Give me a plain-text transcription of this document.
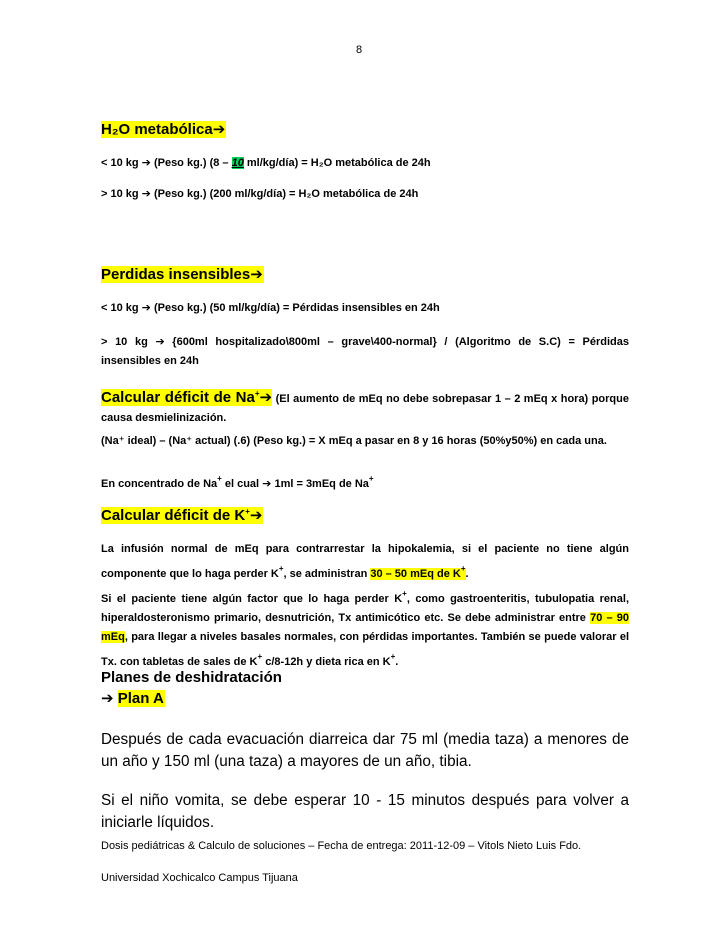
8
H₂O metabólica➔
< 10 kg ➔ (Peso kg.) (8 – 10 ml/kg/día) = H₂O metabólica de 24h
> 10 kg ➔ (Peso kg.) (200 ml/kg/día) = H₂O metabólica de 24h
Perdidas insensibles➔
< 10 kg ➔ (Peso kg.) (50 ml/kg/día) = Pérdidas insensibles en 24h
> 10 kg ➔ {600ml hospitalizado\800ml – grave\400-normal} / (Algoritmo de S.C) = Pérdidas insensibles en 24h
Calcular déficit de Na+➔ (El aumento de mEq no debe sobrepasar 1 – 2 mEq x hora) porque causa desmielinización.
(Na⁺ ideal) – (Na⁺ actual) (.6) (Peso kg.) = X mEq a pasar en 8 y 16 horas (50%y50%) en cada una.
En concentrado de Na+ el cual ➔ 1ml = 3mEq de Na+
Calcular déficit de K+➔
La infusión normal de mEq para contrarrestar la hipokalemia, si el paciente no tiene algún componente que lo haga perder K+, se administran 30 – 50 mEq de K+.
Si el paciente tiene algún factor que lo haga perder K+, como gastroenteritis, tubulopatia renal, hiperaldosteronismo primario, desnutrición, Tx antimicótico etc. Se debe administrar entre 70 – 90 mEq, para llegar a niveles basales normales, con pérdidas importantes. También se puede valorar el Tx. con tabletas de sales de K+ c/8-12h y dieta rica en K+.
Planes de deshidratación
➔ Plan A
Después de cada evacuación diarreica dar 75 ml (media taza) a menores de un año y 150 ml (una taza) a mayores de un año, tibia.
Si el niño vomita, se debe esperar 10 - 15 minutos después para volver a iniciarle líquidos.
Dosis pediátricas & Calculo de soluciones – Fecha de entrega: 2011-12-09 – Vitols Nieto Luis Fdo.
Universidad Xochicalco Campus Tijuana
